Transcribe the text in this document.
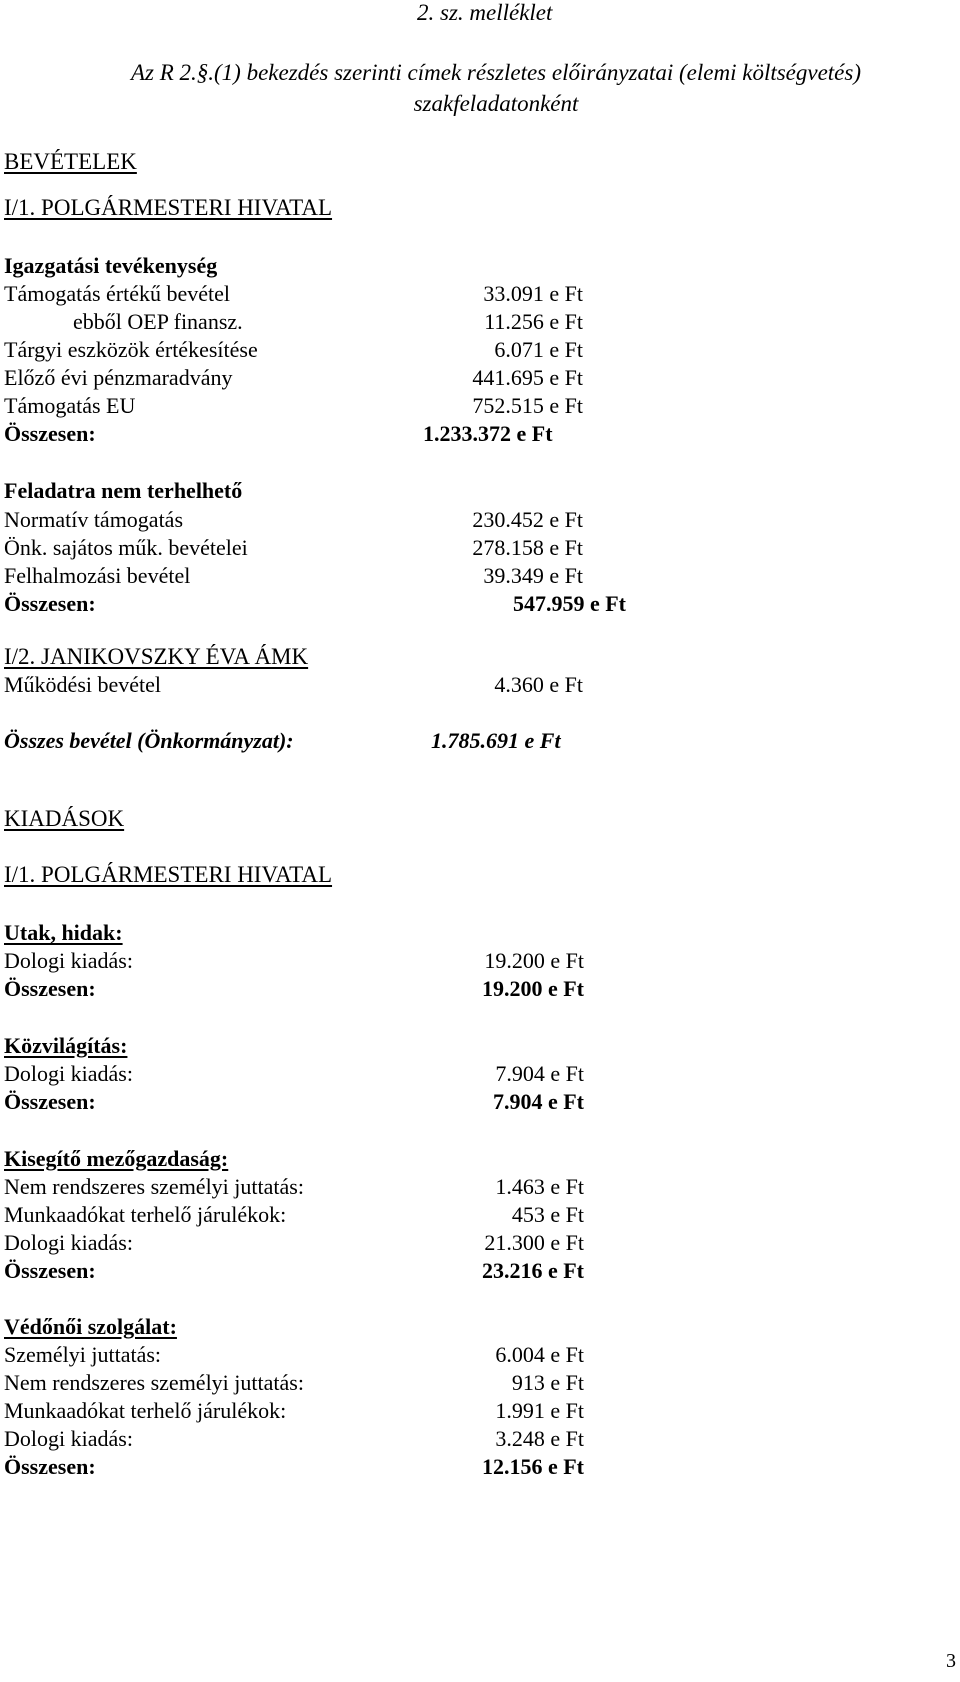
2. sz. melléklet
Az R 2.§.(1) bekezdés szerinti címek részletes előirányzatai (elemi költségvetés)
szakfeladatonként
BEVÉTELEK
I/1. POLGÁRMESTERI HIVATAL
Igazgatási tevékenység
Támogatás értékű bevétel	33.091 e Ft
ebből OEP finansz.	11.256 e Ft
Tárgyi eszközök értékesítése	6.071 e Ft
Előző évi pénzmaradvány	441.695 e Ft
Támogatás EU	752.515 e Ft
Összesen:	1.233.372 e Ft
Feladatra nem terhelhető
Normatív támogatás	230.452 e Ft
Önk. sajátos műk. bevételei	278.158 e Ft
Felhalmozási bevétel	39.349 e Ft
Összesen:	547.959 e Ft
I/2. JANIKOVSZKY ÉVA ÁMK
Működési bevétel	4.360 e Ft
Összes bevétel (Önkormányzat):	1.785.691 e Ft
KIADÁSOK
I/1. POLGÁRMESTERI HIVATAL
Utak, hidak:
Dologi kiadás:	19.200 e Ft
Összesen:	19.200 e Ft
Közvilágítás:
Dologi kiadás:	7.904 e Ft
Összesen:	7.904 e Ft
Kisegítő mezőgazdaság:
Nem rendszeres személyi juttatás:	1.463 e Ft
Munkaadókat terhelő járulékok:	453 e Ft
Dologi kiadás:	21.300 e Ft
Összesen:	23.216 e Ft
Védőnői szolgálat:
Személyi juttatás:	6.004 e Ft
Nem rendszeres személyi juttatás:	913 e Ft
Munkaadókat terhelő járulékok:	1.991 e Ft
Dologi kiadás:	3.248 e Ft
Összesen:	12.156 e Ft
3
